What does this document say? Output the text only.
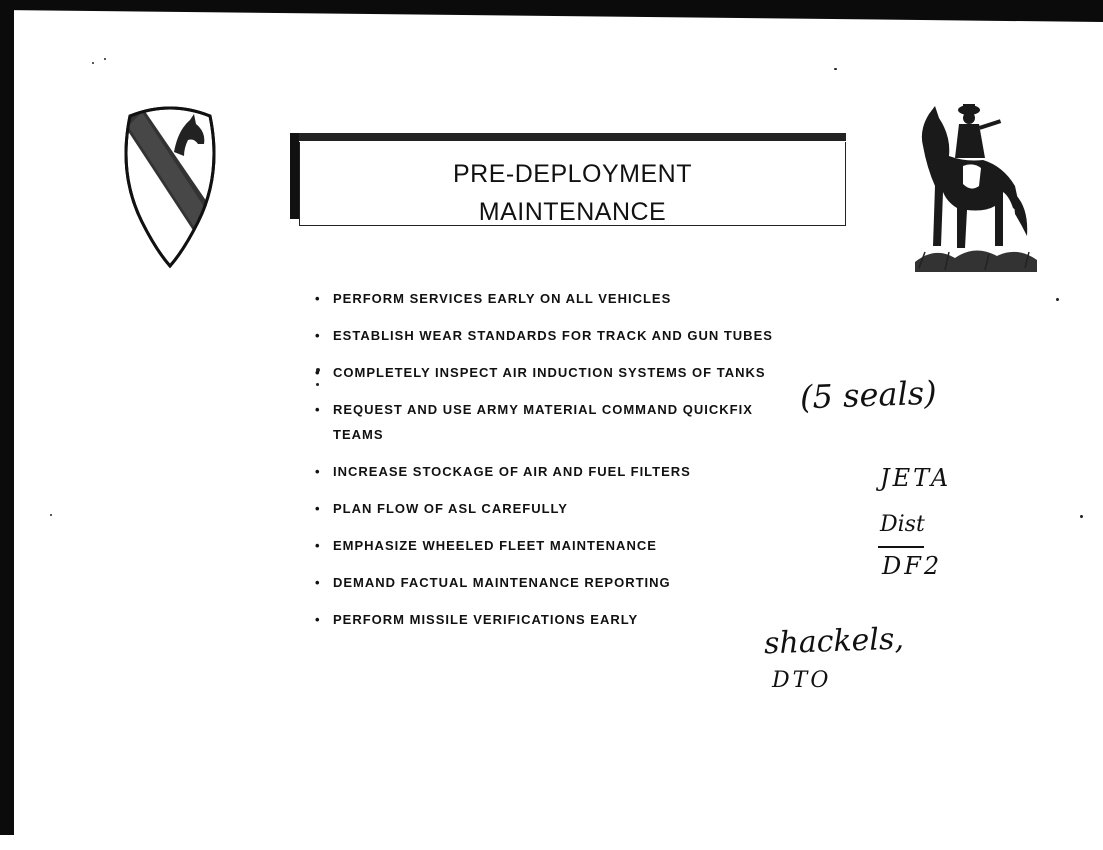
PRE-DEPLOYMENT
MAINTENANCE
• PERFORM SERVICES EARLY ON ALL VEHICLES
• ESTABLISH WEAR STANDARDS FOR TRACK AND GUN TUBES
• COMPLETELY INSPECT AIR INDUCTION SYSTEMS OF TANKS
• REQUEST AND USE ARMY MATERIAL COMMAND QUICKFIX TEAMS
• INCREASE STOCKAGE OF AIR AND FUEL FILTERS
• PLAN FLOW OF ASL CAREFULLY
• EMPHASIZE WHEELED FLEET MAINTENANCE
• DEMAND FACTUAL MAINTENANCE REPORTING
• PERFORM MISSILE VERIFICATIONS EARLY
(5 seals)
JETA
Dist
DF2
shackels,
DTO
